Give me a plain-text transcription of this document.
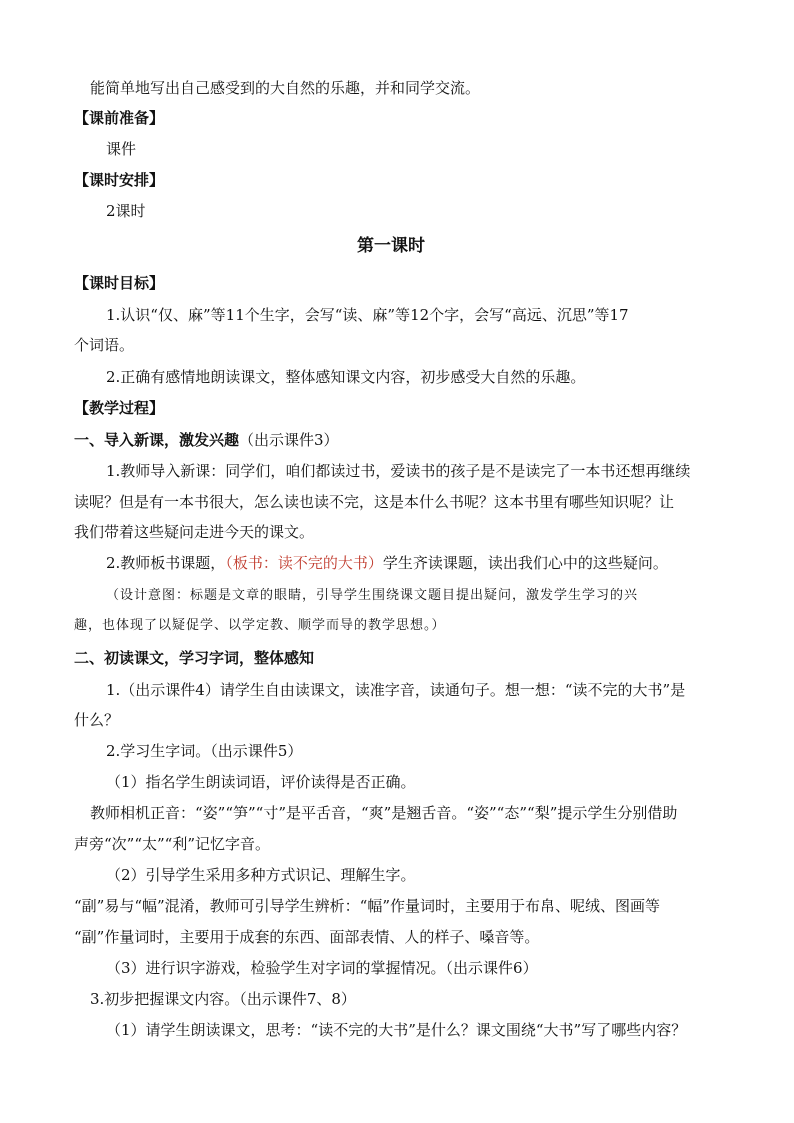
能简单地写出自己感受到的大自然的乐趣，并和同学交流。
【课前准备】
课件
【课时安排】
2课时
第一课时
【课时目标】
1.认识“仅、麻”等11个生字，会写“读、麻”等12个字，会写“高远、沉思”等17
个词语。
2.正确有感情地朗读课文，整体感知课文内容，初步感受大自然的乐趣。
【教学过程】
一、导入新课，激发兴趣（出示课件3）
1.教师导入新课：同学们，咱们都读过书，爱读书的孩子是不是读完了一本书还想再继续
读呢？但是有一本书很大，怎么读也读不完，这是本什么书呢？这本书里有哪些知识呢？让
我们带着这些疑问走进今天的课文。
2.教师板书课题，（板书：读不完的大书）学生齐读课题，读出我们心中的这些疑问。
（设计意图：标题是文章的眼睛，引导学生围绕课文题目提出疑问，激发学生学习的兴
趣，也体现了以疑促学、以学定教、顺学而导的教学思想。）
二、初读课文，学习字词，整体感知
1.（出示课件4）请学生自由读课文，读准字音，读通句子。想一想：“读不完的大书”是
什么？
2.学习生字词。（出示课件5）
（1）指名学生朗读词语，评价读得是否正确。
教师相机正音：“姿”“笋”“寸”是平舌音，“爽”是翘舌音。“姿”“态”“梨”提示学生分别借助
声旁“次”“太”“利”记忆字音。
（2）引导学生采用多种方式识记、理解生字。
“副”易与“幅”混淆，教师可引导学生辨析：“幅”作量词时，主要用于布帛、呢绒、图画等
“副”作量词时，主要用于成套的东西、面部表情、人的样子、嗓音等。
（3）进行识字游戏，检验学生对字词的掌握情况。（出示课件6）
3.初步把握课文内容。（出示课件7、8）
（1）请学生朗读课文，思考：“读不完的大书”是什么？课文围绕“大书”写了哪些内容？
